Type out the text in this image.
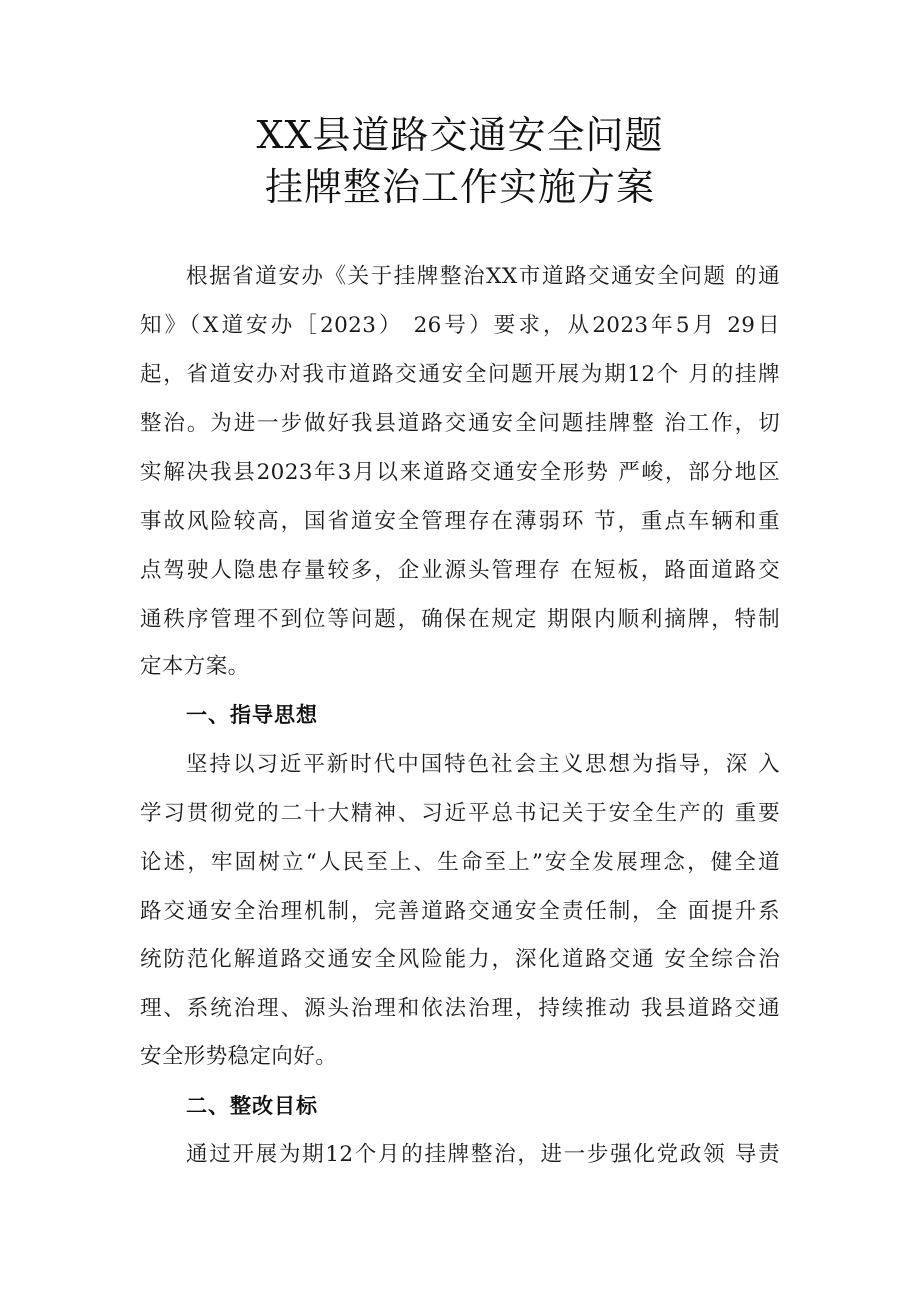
XX县道路交通安全问题
挂牌整治工作实施方案
根据省道安办《关于挂牌整治XX市道路交通安全问题 的通
知》（X道安办［2023） 26号）要求，从2023年5月 29日
起，省道安办对我市道路交通安全问题开展为期12个 月的挂牌
整治。为进一步做好我县道路交通安全问题挂牌整 治工作，切
实解决我县2023年3月以来道路交通安全形势 严峻，部分地区
事故风险较高，国省道安全管理存在薄弱环 节，重点车辆和重
点驾驶人隐患存量较多，企业源头管理存 在短板，路面道路交
通秩序管理不到位等问题，确保在规定 期限内顺利摘牌，特制
定本方案。
一、指导思想
坚持以习近平新时代中国特色社会主义思想为指导，深 入
学习贯彻党的二十大精神、习近平总书记关于安全生产的 重要
论述，牢固树立“人民至上、生命至上”安全发展理念，健全道
路交通安全治理机制，完善道路交通安全责任制，全 面提升系
统防范化解道路交通安全风险能力，深化道路交通 安全综合治
理、系统治理、源头治理和依法治理，持续推动 我县道路交通
安全形势稳定向好。
二、整改目标
通过开展为期12个月的挂牌整治，进一步强化党政领 导责
